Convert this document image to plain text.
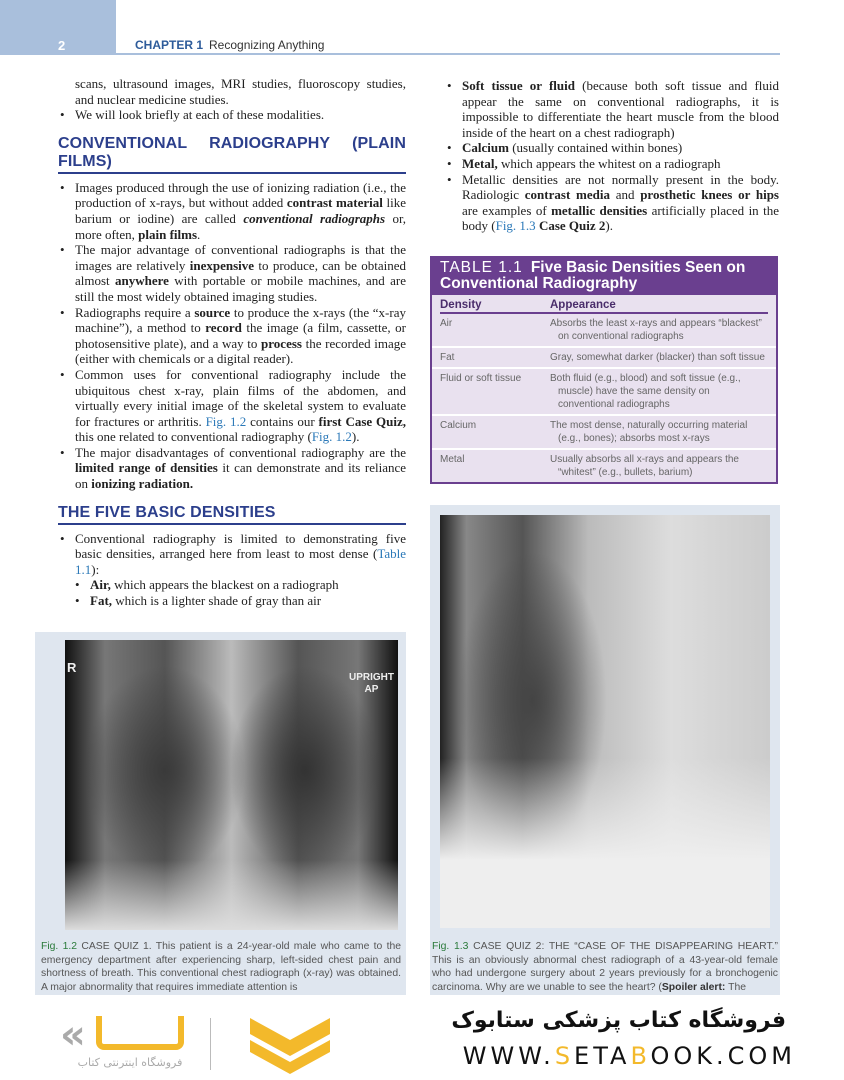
2	CHAPTER 1 Recognizing Anything

scans, ultrasound images, MRI studies, fluoroscopy studies, and nuclear medicine studies.

• We will look briefly at each of these modalities.

CONVENTIONAL RADIOGRAPHY (PLAIN FILMS)

• Images produced through the use of ionizing radiation (i.e., the production of x-rays, but without added contrast material like barium or iodine) are called conventional radiographs or, more often, plain films.

• The major advantage of conventional radiographs is that the images are relatively inexpensive to produce, can be obtained almost anywhere with portable or mobile machines, and are still the most widely obtained imaging studies.

• Radiographs require a source to produce the x-rays (the “x-ray machine”), a method to record the image (a film, cassette, or photosensitive plate), and a way to process the recorded image (either with chemicals or a digital reader).

• Common uses for conventional radiography include the ubiquitous chest x-ray, plain films of the abdomen, and virtually every initial image of the skeletal system to evaluate for fractures or arthritis. Fig. 1.2 contains our first Case Quiz, this one related to conventional radiography (Fig. 1.2).

• The major disadvantages of conventional radiography are the limited range of densities it can demonstrate and its reliance on ionizing radiation.

THE FIVE BASIC DENSITIES

• Conventional radiography is limited to demonstrating five basic densities, arranged here from least to most dense (Table 1.1):

• Air, which appears the blackest on a radiograph

• Fat, which is a lighter shade of gray than air

• Soft tissue or fluid (because both soft tissue and fluid appear the same on conventional radiographs, it is impossible to differentiate the heart muscle from the blood inside of the heart on a chest radiograph)

• Calcium (usually contained within bones)

• Metal, which appears the whitest on a radiograph

• Metallic densities are not normally present in the body. Radiologic contrast media and prosthetic knees or hips are examples of metallic densities artificially placed in the body (Fig. 1.3 Case Quiz 2).

TABLE 1.1 Five Basic Densities Seen on Conventional Radiography
Density	Appearance
Air	Absorbs the least x-rays and appears “blackest” on conventional radiographs
Fat	Gray, somewhat darker (blacker) than soft tissue
Fluid or soft tissue	Both fluid (e.g., blood) and soft tissue (e.g., muscle) have the same density on conventional radiographs
Calcium	The most dense, naturally occurring material (e.g., bones); absorbs most x-rays
Metal	Usually absorbs all x-rays and appears the “whitest” (e.g., bullets, barium)
R
UPRIGHT
AP
Fig. 1.2 CASE QUIZ 1. This patient is a 24-year-old male who came to the emergency department after experiencing sharp, left-sided chest pain and shortness of breath. This conventional chest radiograph (x-ray) was obtained. A major abnormality that requires immediate attention is
Fig. 1.3 CASE QUIZ 2: THE “CASE OF THE DISAPPEARING HEART.” This is an obviously abnormal chest radiograph of a 43-year-old female who had undergone surgery about 2 years previously for a bronchogenic carcinoma. Why are we unable to see the heart? (Spoiler alert: The
«
فروشگاه اینترنتی کتاب
فروشگاه کتاب پزشکی ستابوک
WWW.SETABOOK.COM
